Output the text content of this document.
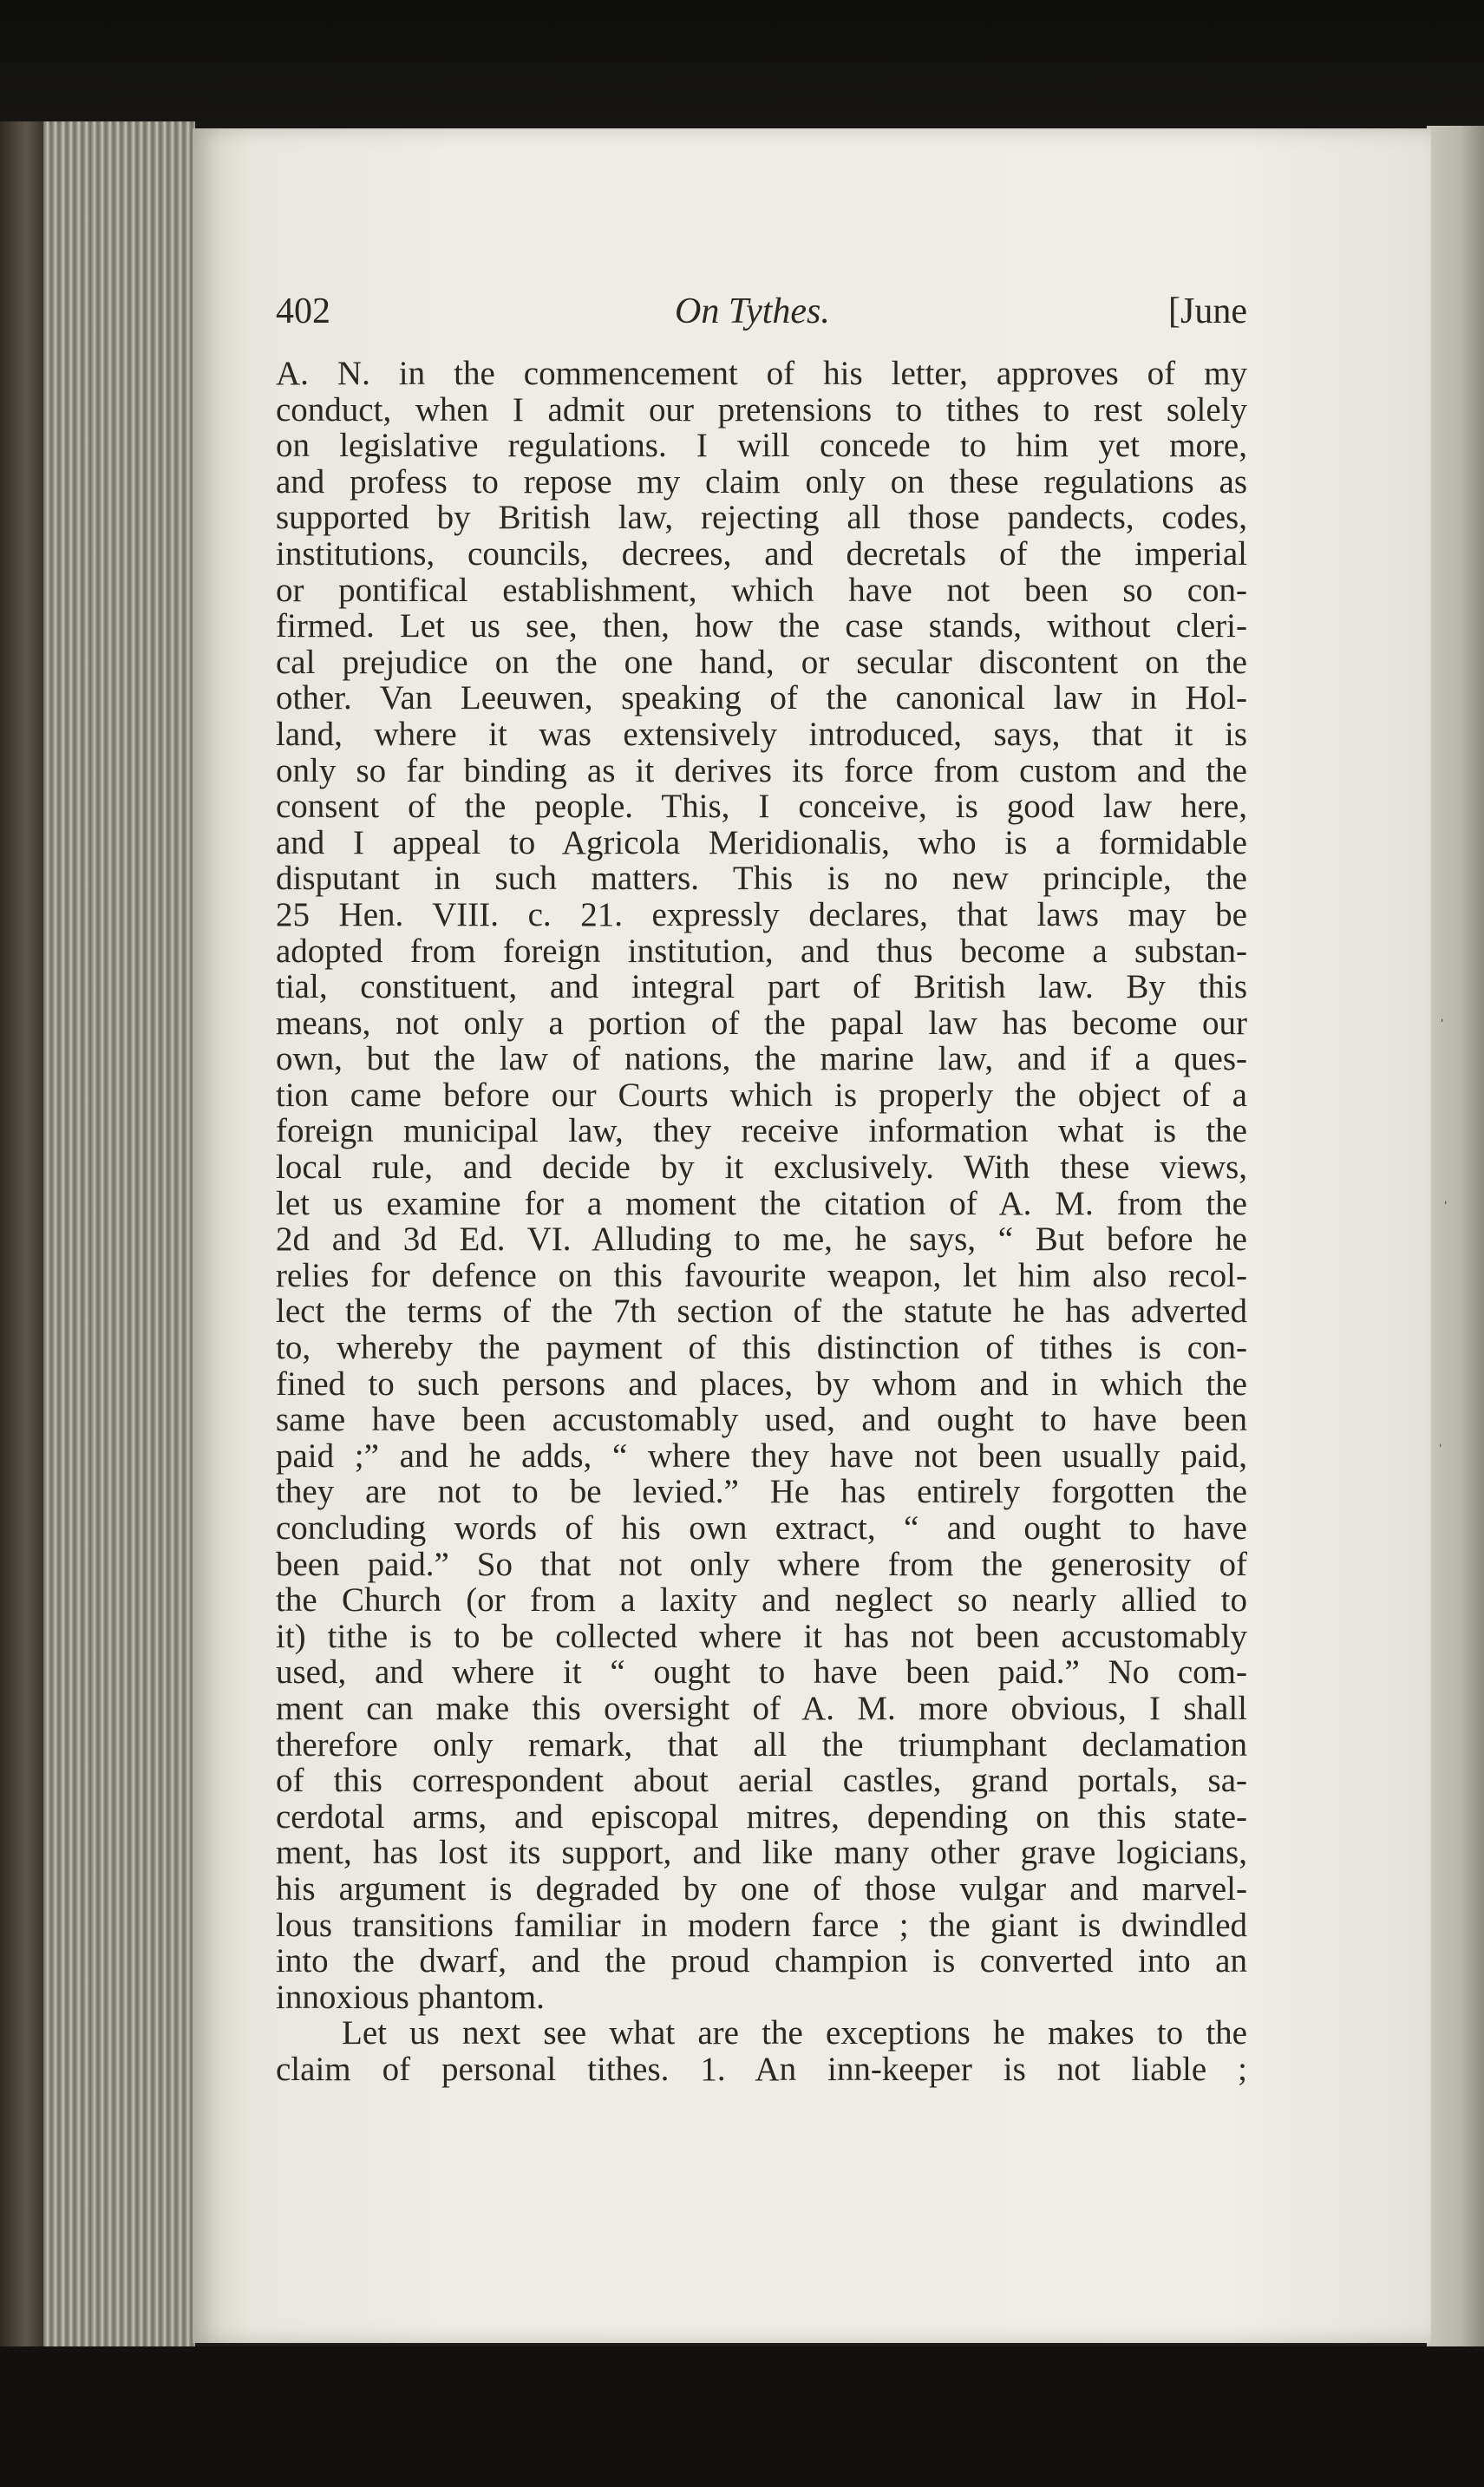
402	On Tythes.	[June
A. N. in the commencement of his letter, approves of my
conduct, when I admit our pretensions to tithes to rest solely
on legislative regulations. I will concede to him yet more,
and profess to repose my claim only on these regulations as
supported by British law, rejecting all those pandects, codes,
institutions, councils, decrees, and decretals of the imperial
or pontifical establishment, which have not been so con-
firmed. Let us see, then, how the case stands, without cleri-
cal prejudice on the one hand, or secular discontent on the
other. Van Leeuwen, speaking of the canonical law in Hol-
land, where it was extensively introduced, says, that it is
only so far binding as it derives its force from custom and the
consent of the people. This, I conceive, is good law here,
and I appeal to Agricola Meridionalis, who is a formidable
disputant in such matters. This is no new principle, the
25 Hen. VIII. c. 21. expressly declares, that laws may be
adopted from foreign institution, and thus become a substan-
tial, constituent, and integral part of British law. By this
means, not only a portion of the papal law has become our
own, but the law of nations, the marine law, and if a ques-
tion came before our Courts which is properly the object of a
foreign municipal law, they receive information what is the
local rule, and decide by it exclusively. With these views,
let us examine for a moment the citation of A. M. from the
2d and 3d Ed. VI. Alluding to me, he says, “ But before he
relies for defence on this favourite weapon, let him also recol-
lect the terms of the 7th section of the statute he has adverted
to, whereby the payment of this distinction of tithes is con-
fined to such persons and places, by whom and in which the
same have been accustomably used, and ought to have been
paid ;” and he adds, “ where they have not been usually paid,
they are not to be levied.” He has entirely forgotten the
concluding words of his own extract, “ and ought to have
been paid.” So that not only where from the generosity of
the Church (or from a laxity and neglect so nearly allied to
it) tithe is to be collected where it has not been accustomably
used, and where it “ ought to have been paid.” No com-
ment can make this oversight of A. M. more obvious, I shall
therefore only remark, that all the triumphant declamation
of this correspondent about aerial castles, grand portals, sa-
cerdotal arms, and episcopal mitres, depending on this state-
ment, has lost its support, and like many other grave logicians,
his argument is degraded by one of those vulgar and marvel-
lous transitions familiar in modern farce ; the giant is dwindled
into the dwarf, and the proud champion is converted into an
innoxious phantom.
Let us next see what are the exceptions he makes to the
claim of personal tithes. 1. An inn-keeper is not liable ;
ˈ
ˈ
ˈ
